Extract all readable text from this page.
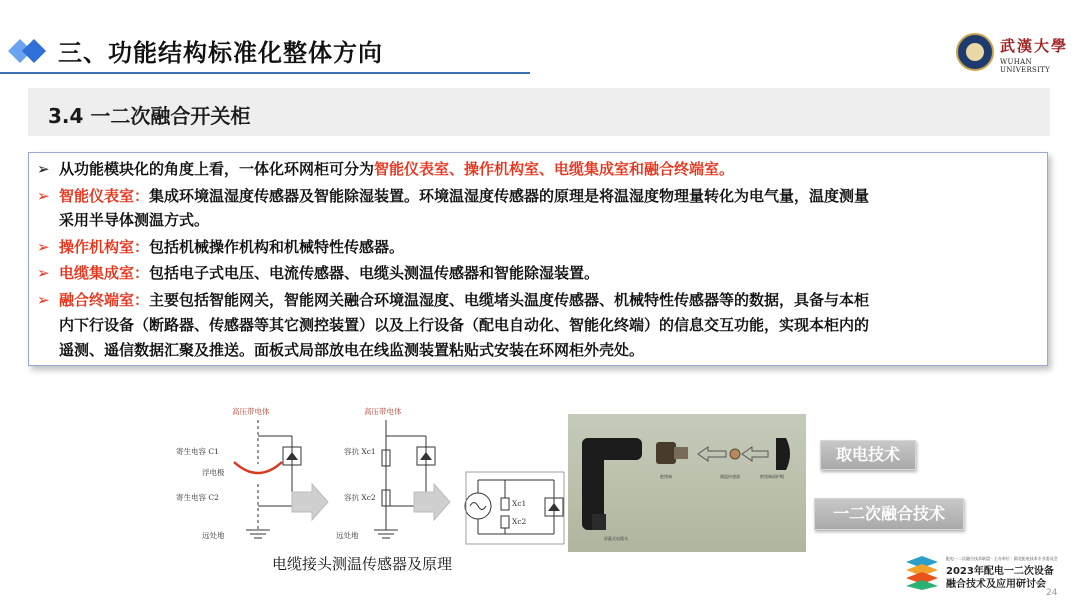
三、功能结构标准化整体方向	武漢大學
WUHAN UNIVERSITY
3.4 一二次融合开关柜
➢ 从功能模块化的角度上看，一体化环网柜可分为智能仪表室、操作机构室、电缆集成室和融合终端室。
➢ 智能仪表室：集成环境温湿度传感器及智能除湿装置。环境温湿度传感器的原理是将温湿度物理量转化为电气量，温度测量
采用半导体测温方式。
➢ 操作机构室：包括机械操作机构和机械特性传感器。
➢ 电缆集成室：包括电子式电压、电流传感器、电缆头测温传感器和智能除湿装置。
➢ 融合终端室：主要包括智能网关，智能网关融合环境温湿度、电缆堵头温度传感器、机械特性传感器等的数据，具备与本柜
内下行设备（断路器、传感器等其它测控装置）以及上行设备（配电自动化、智能化终端）的信息交互功能，实现本柜内的
遥测、遥信数据汇聚及推送。面板式局部放电在线监测装置粘贴式安装在环网柜外壳处。
高压带电体
寄生电容 C1
浮电极
寄生电容 C2
远处地
高压带电体
容抗 Xc1
容抗 Xc2
远处地
Xc1
Xc2
电缆接头测温传感器及原理
绝缘端	测温传感器	绝缘端部护帽
屏蔽式电缆头
取电技术
一二次融合技术
配电一二次融合技术联盟 · 主办单位 · 湖北配电技术专业委员会
2023年配电一二次设备
融合技术及应用研讨会
24
